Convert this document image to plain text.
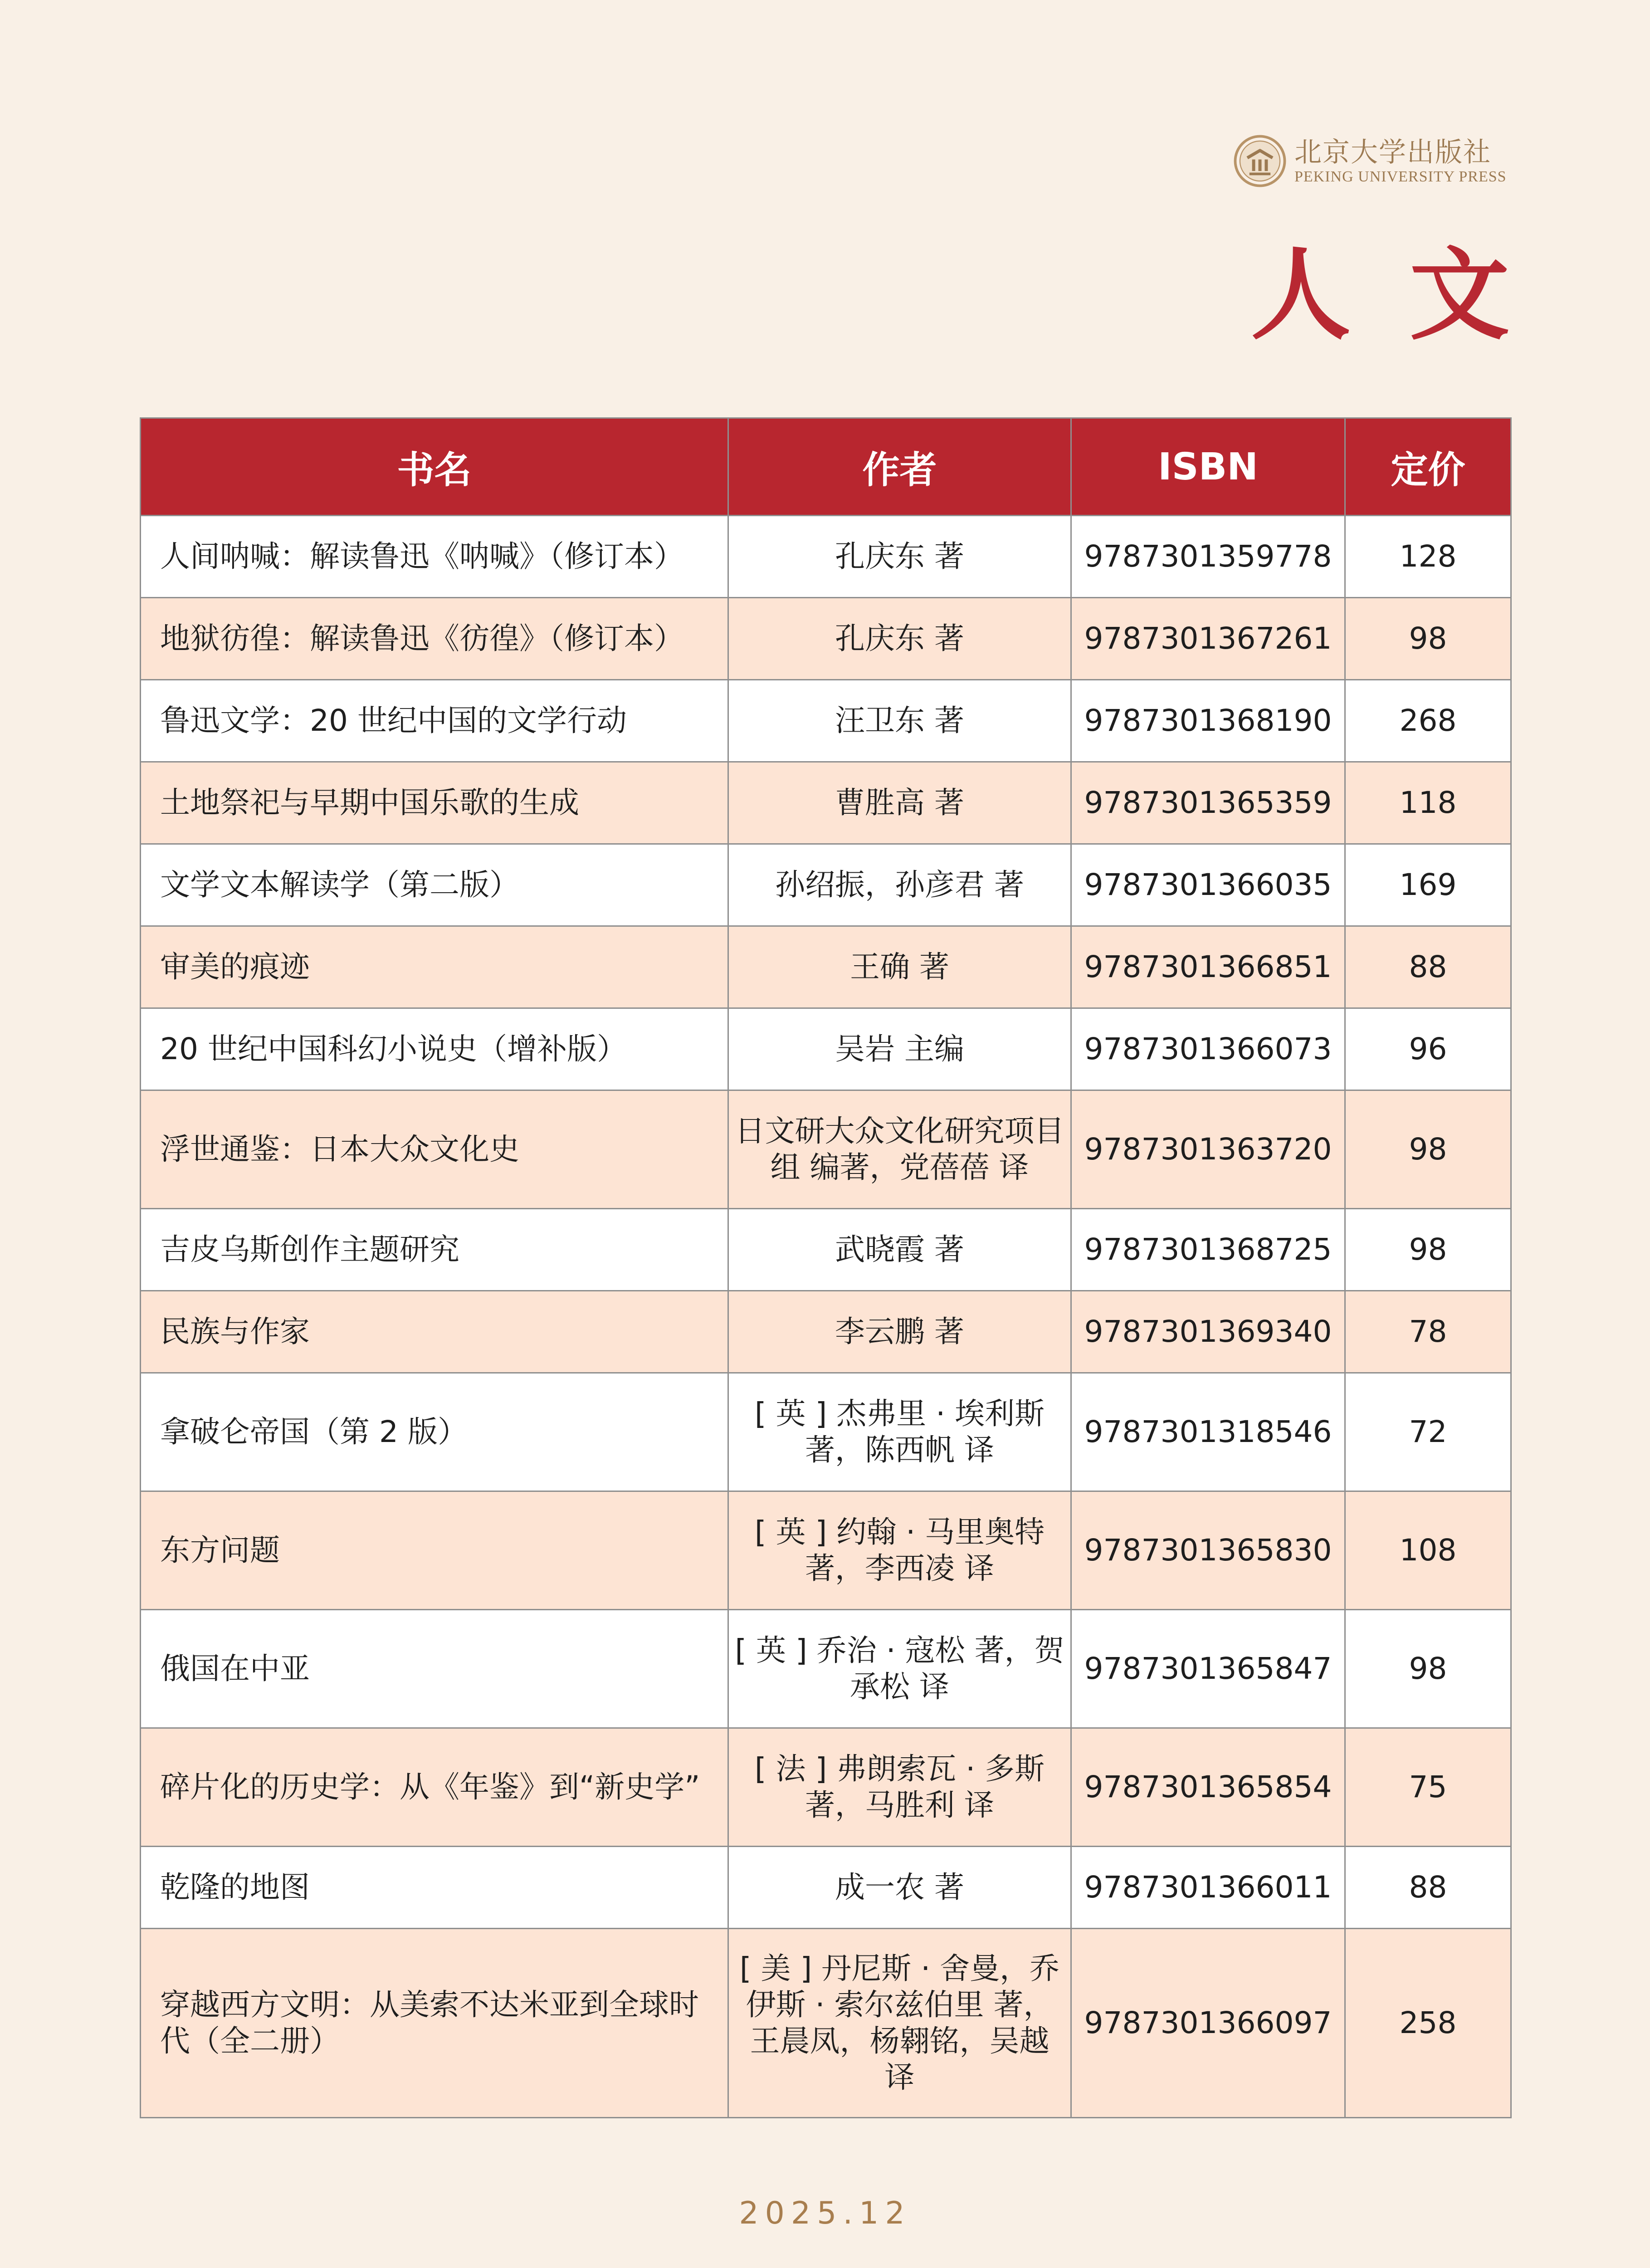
北京大学出版社
PEKING UNIVERSITY PRESS
人文
书名	作者	ISBN	定价
人间呐喊：解读鲁迅《呐喊》（修订本）	孔庆东 著	9787301359778	128
地狱彷徨：解读鲁迅《彷徨》（修订本）	孔庆东 著	9787301367261	98
鲁迅文学：20 世纪中国的文学行动	汪卫东 著	9787301368190	268
土地祭祀与早期中国乐歌的生成	曹胜高 著	9787301365359	118
文学文本解读学（第二版）	孙绍振，孙彦君 著	9787301366035	169
审美的痕迹	王确 著	9787301366851	88
20 世纪中国科幻小说史（增补版）	吴岩 主编	9787301366073	96
浮世通鉴：日本大众文化史	日文研大众文化研究项目组 编著，党蓓蓓 译	9787301363720	98
吉皮乌斯创作主题研究	武晓霞 著	9787301368725	98
民族与作家	李云鹏 著	9787301369340	78
拿破仑帝国（第 2 版）	[ 英 ] 杰弗里 · 埃利斯 著，陈西帆 译	9787301318546	72
东方问题	[ 英 ] 约翰 · 马里奥特 著，李西凌 译	9787301365830	108
俄国在中亚	[ 英 ] 乔治 · 寇松 著，贺承松 译	9787301365847	98
碎片化的历史学：从《年鉴》到“新史学”	[ 法 ] 弗朗索瓦 · 多斯 著，马胜利 译	9787301365854	75
乾隆的地图	成一农 著	9787301366011	88
穿越西方文明：从美索不达米亚到全球时代（全二册）	[ 美 ] 丹尼斯 · 舍曼，乔伊斯 · 索尔兹伯里 著，王晨凤，杨翱铭，吴越 译	9787301366097	258
2025.12
